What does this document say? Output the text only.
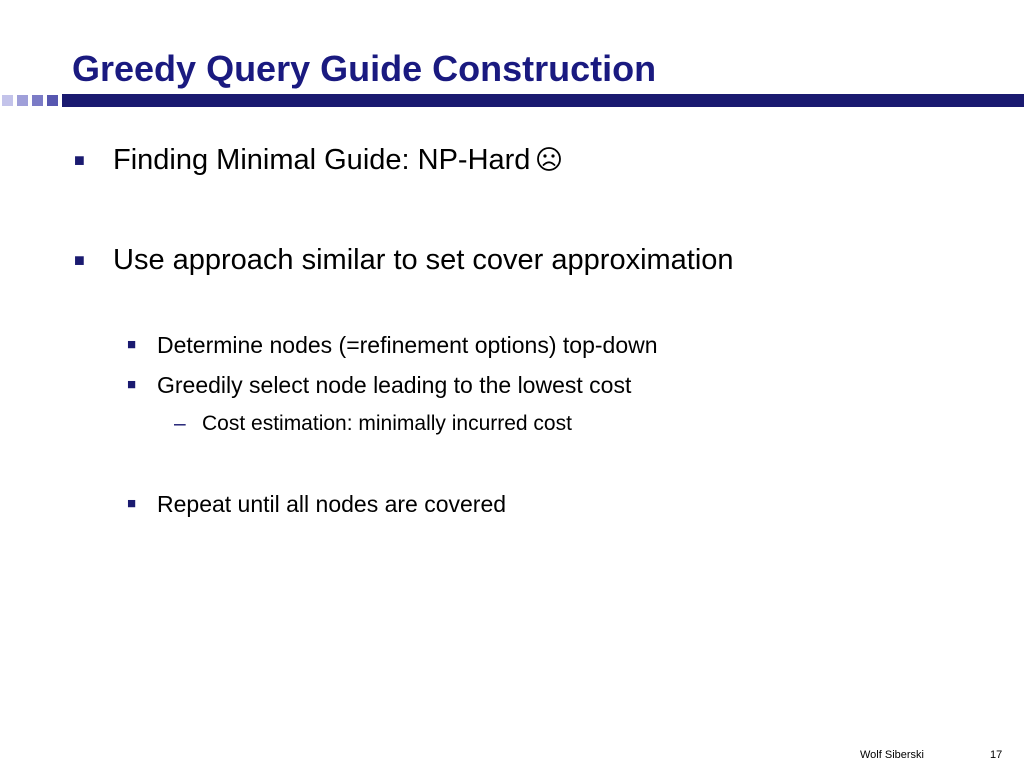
Greedy Query Guide Construction
■ Finding Minimal Guide: NP-Hard
■ Use approach similar to set cover approximation
■ Determine nodes (=refinement options) top-down
■ Greedily select node leading to the lowest cost
– Cost estimation: minimally incurred cost
■ Repeat until all nodes are covered
Wolf Siberski	17
